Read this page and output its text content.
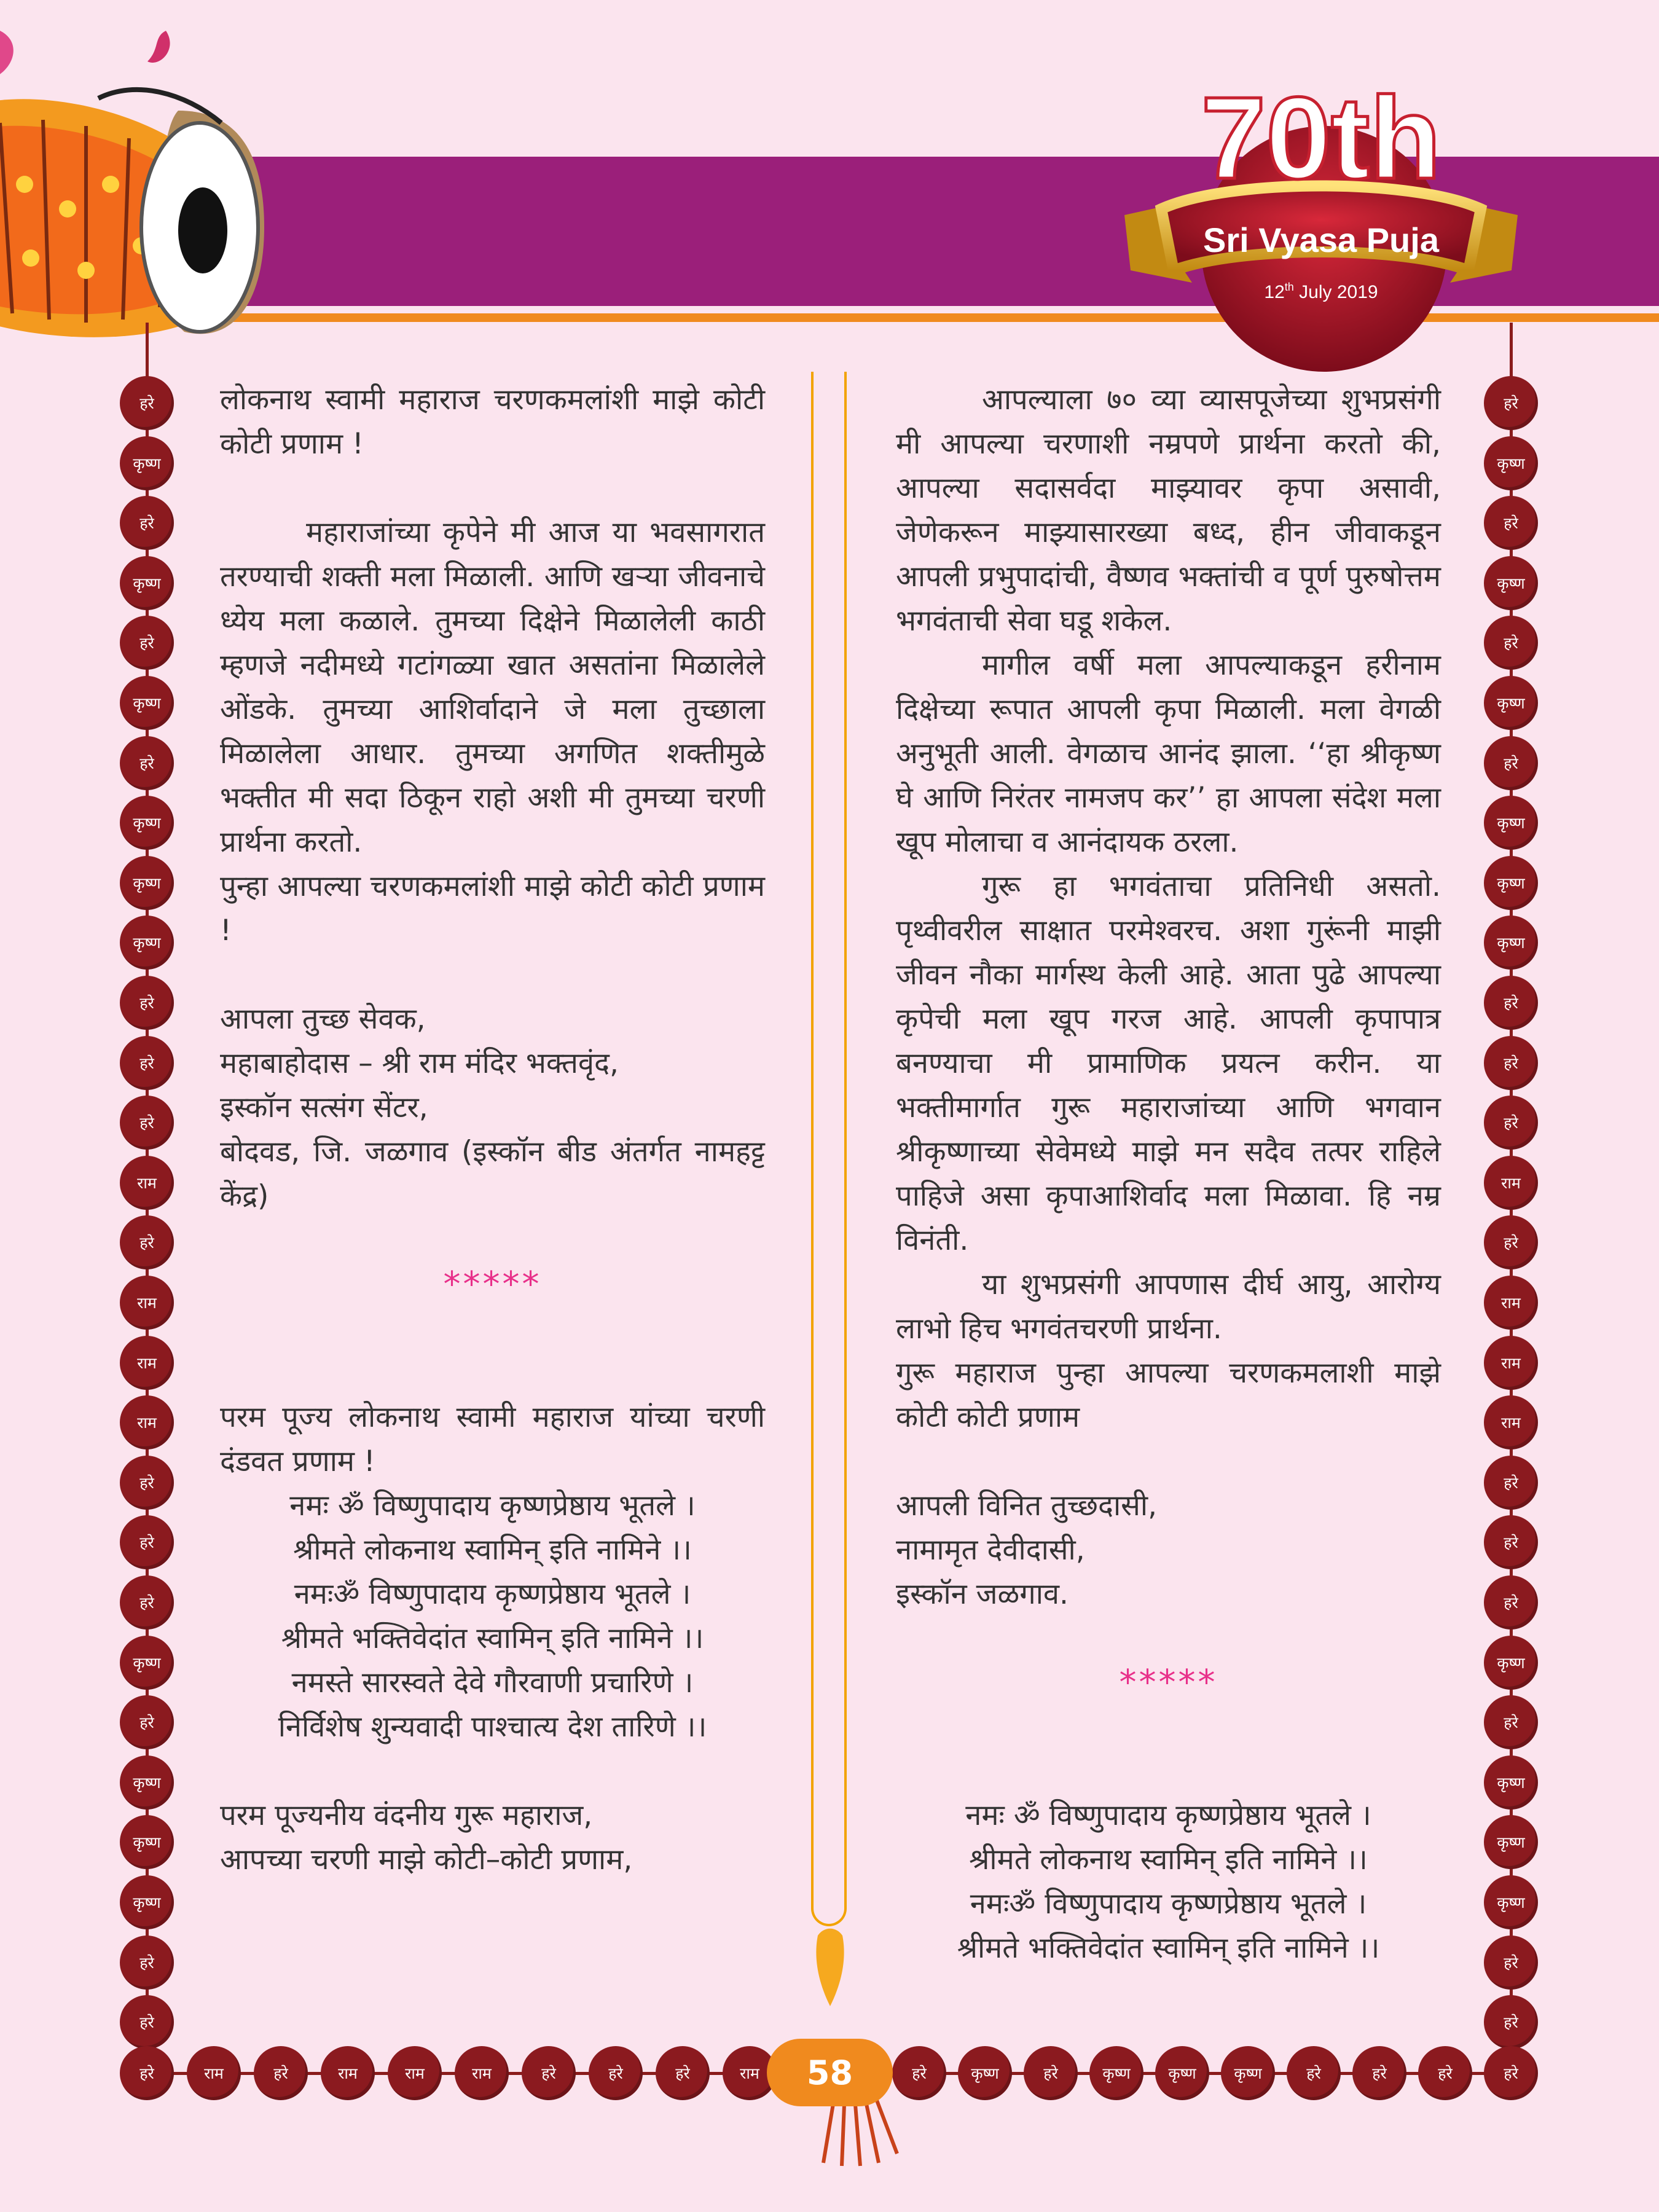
70th
Sri Vyasa Puja
12th July 2019
हरे
कृष्ण
हरे
कृष्ण
हरे
कृष्ण
हरे
कृष्ण
कृष्ण
कृष्ण
हरे
हरे
हरे
राम
हरे
राम
राम
राम
हरे
हरे
हरे
कृष्ण
हरे
कृष्ण
कृष्ण
कृष्ण
हरे
हरे
हरे
कृष्ण
हरे
कृष्ण
हरे
कृष्ण
हरे
कृष्ण
कृष्ण
कृष्ण
हरे
हरे
हरे
राम
हरे
राम
राम
राम
हरे
हरे
हरे
कृष्ण
हरे
कृष्ण
कृष्ण
कृष्ण
हरे
हरे
हरे	राम	हरे	राम	राम	राम	हरे	हरे	हरे	राम	हरे	कृष्ण	हरे	कृष्ण कृष्ण कृष्ण	हरे	हरे	हरे	हरे
58

लोकनाथ स्वामी महाराज चरणकमलांशी माझे कोटी कोटी प्रणाम !

महाराजांच्या कृपेने मी आज या भवसागरात तरण्याची शक्ती मला मिळाली. आणि खऱ्या जीवनाचे ध्येय मला कळाले. तुमच्या दिक्षेने मिळालेली काठी म्हणजे नदीमध्ये गटांगळ्या खात असतांना मिळालेले ओंडके. तुमच्या आशिर्वादाने जे मला तुच्छाला मिळालेला आधार. तुमच्या अगणित शक्तीमुळे भक्तीत मी सदा ठिकून राहो अशी मी तुमच्या चरणी प्रार्थना करतो.

पुन्हा आपल्या चरणकमलांशी माझे कोटी कोटी प्रणाम !

आपला तुच्छ सेवक,

महाबाहोदास – श्री राम मंदिर भक्तवृंद,

इस्कॉन सत्संग सेंटर,

बोदवड, जि. जळगाव (इस्कॉन बीड अंतर्गत नामहट्ट केंद्र)

*****

परम पूज्य लोकनाथ स्वामी महाराज यांच्या चरणी दंडवत प्रणाम !

नमः ॐ विष्णुपादाय कृष्णप्रेष्ठाय भूतले ।

श्रीमते लोकनाथ स्वामिन् इति नामिने ।।

नमःॐ विष्णुपादाय कृष्णप्रेष्ठाय भूतले ।

श्रीमते भक्तिवेदांत स्वामिन् इति नामिने ।।

नमस्ते सारस्वते देवे गौरवाणी प्रचारिणे ।

निर्विशेष शुन्यवादी पाश्चात्य देश तारिणे ।।

परम पूज्यनीय वंदनीय गुरू महाराज,

आपच्या चरणी माझे कोटी–कोटी प्रणाम,

आपल्याला ७० व्या व्यासपूजेच्या शुभप्रसंगी मी आपल्या चरणाशी नम्रपणे प्रार्थना करतो की, आपल्या सदासर्वदा माझ्यावर कृपा असावी, जेणेकरून माझ्यासारख्या बध्द, हीन जीवाकडून आपली प्रभुपादांची, वैष्णव भक्तांची व पूर्ण पुरुषोत्तम भगवंताची सेवा घडू शकेल.

मागील वर्षी मला आपल्याकडून हरीनाम दिक्षेच्या रूपात आपली कृपा मिळाली. मला वेगळी अनुभूती आली. वेगळाच आनंद झाला. ‘‘हा श्रीकृष्ण घे आणि निरंतर नामजप कर’’ हा आपला संदेश मला खूप मोलाचा व आनंदायक ठरला.

गुरू हा भगवंताचा प्रतिनिधी असतो. पृथ्वीवरील साक्षात परमेश्वरच. अशा गुरूंनी माझी जीवन नौका मार्गस्थ केली आहे. आता पुढे आपल्या कृपेची मला खूप गरज आहे. आपली कृपापात्र बनण्याचा मी प्रामाणिक प्रयत्न करीन. या भक्तीमार्गात गुरू महाराजांच्या आणि भगवान श्रीकृष्णाच्या सेवेमध्ये माझे मन सदैव तत्पर राहिले पाहिजे असा कृपाआशिर्वाद मला मिळावा. हि नम्र विनंती.

या शुभप्रसंगी आपणास दीर्घ आयु, आरोग्य लाभो हिच भगवंतचरणी प्रार्थना.

गुरू महाराज पुन्हा आपल्या चरणकमलाशी माझे कोटी कोटी प्रणाम

आपली विनित तुच्छदासी,

नामामृत देवीदासी,

इस्कॉन जळगाव.

*****

नमः ॐ विष्णुपादाय कृष्णप्रेष्ठाय भूतले ।

श्रीमते लोकनाथ स्वामिन् इति नामिने ।।

नमःॐ विष्णुपादाय कृष्णप्रेष्ठाय भूतले ।

श्रीमते भक्तिवेदांत स्वामिन् इति नामिने ।।
